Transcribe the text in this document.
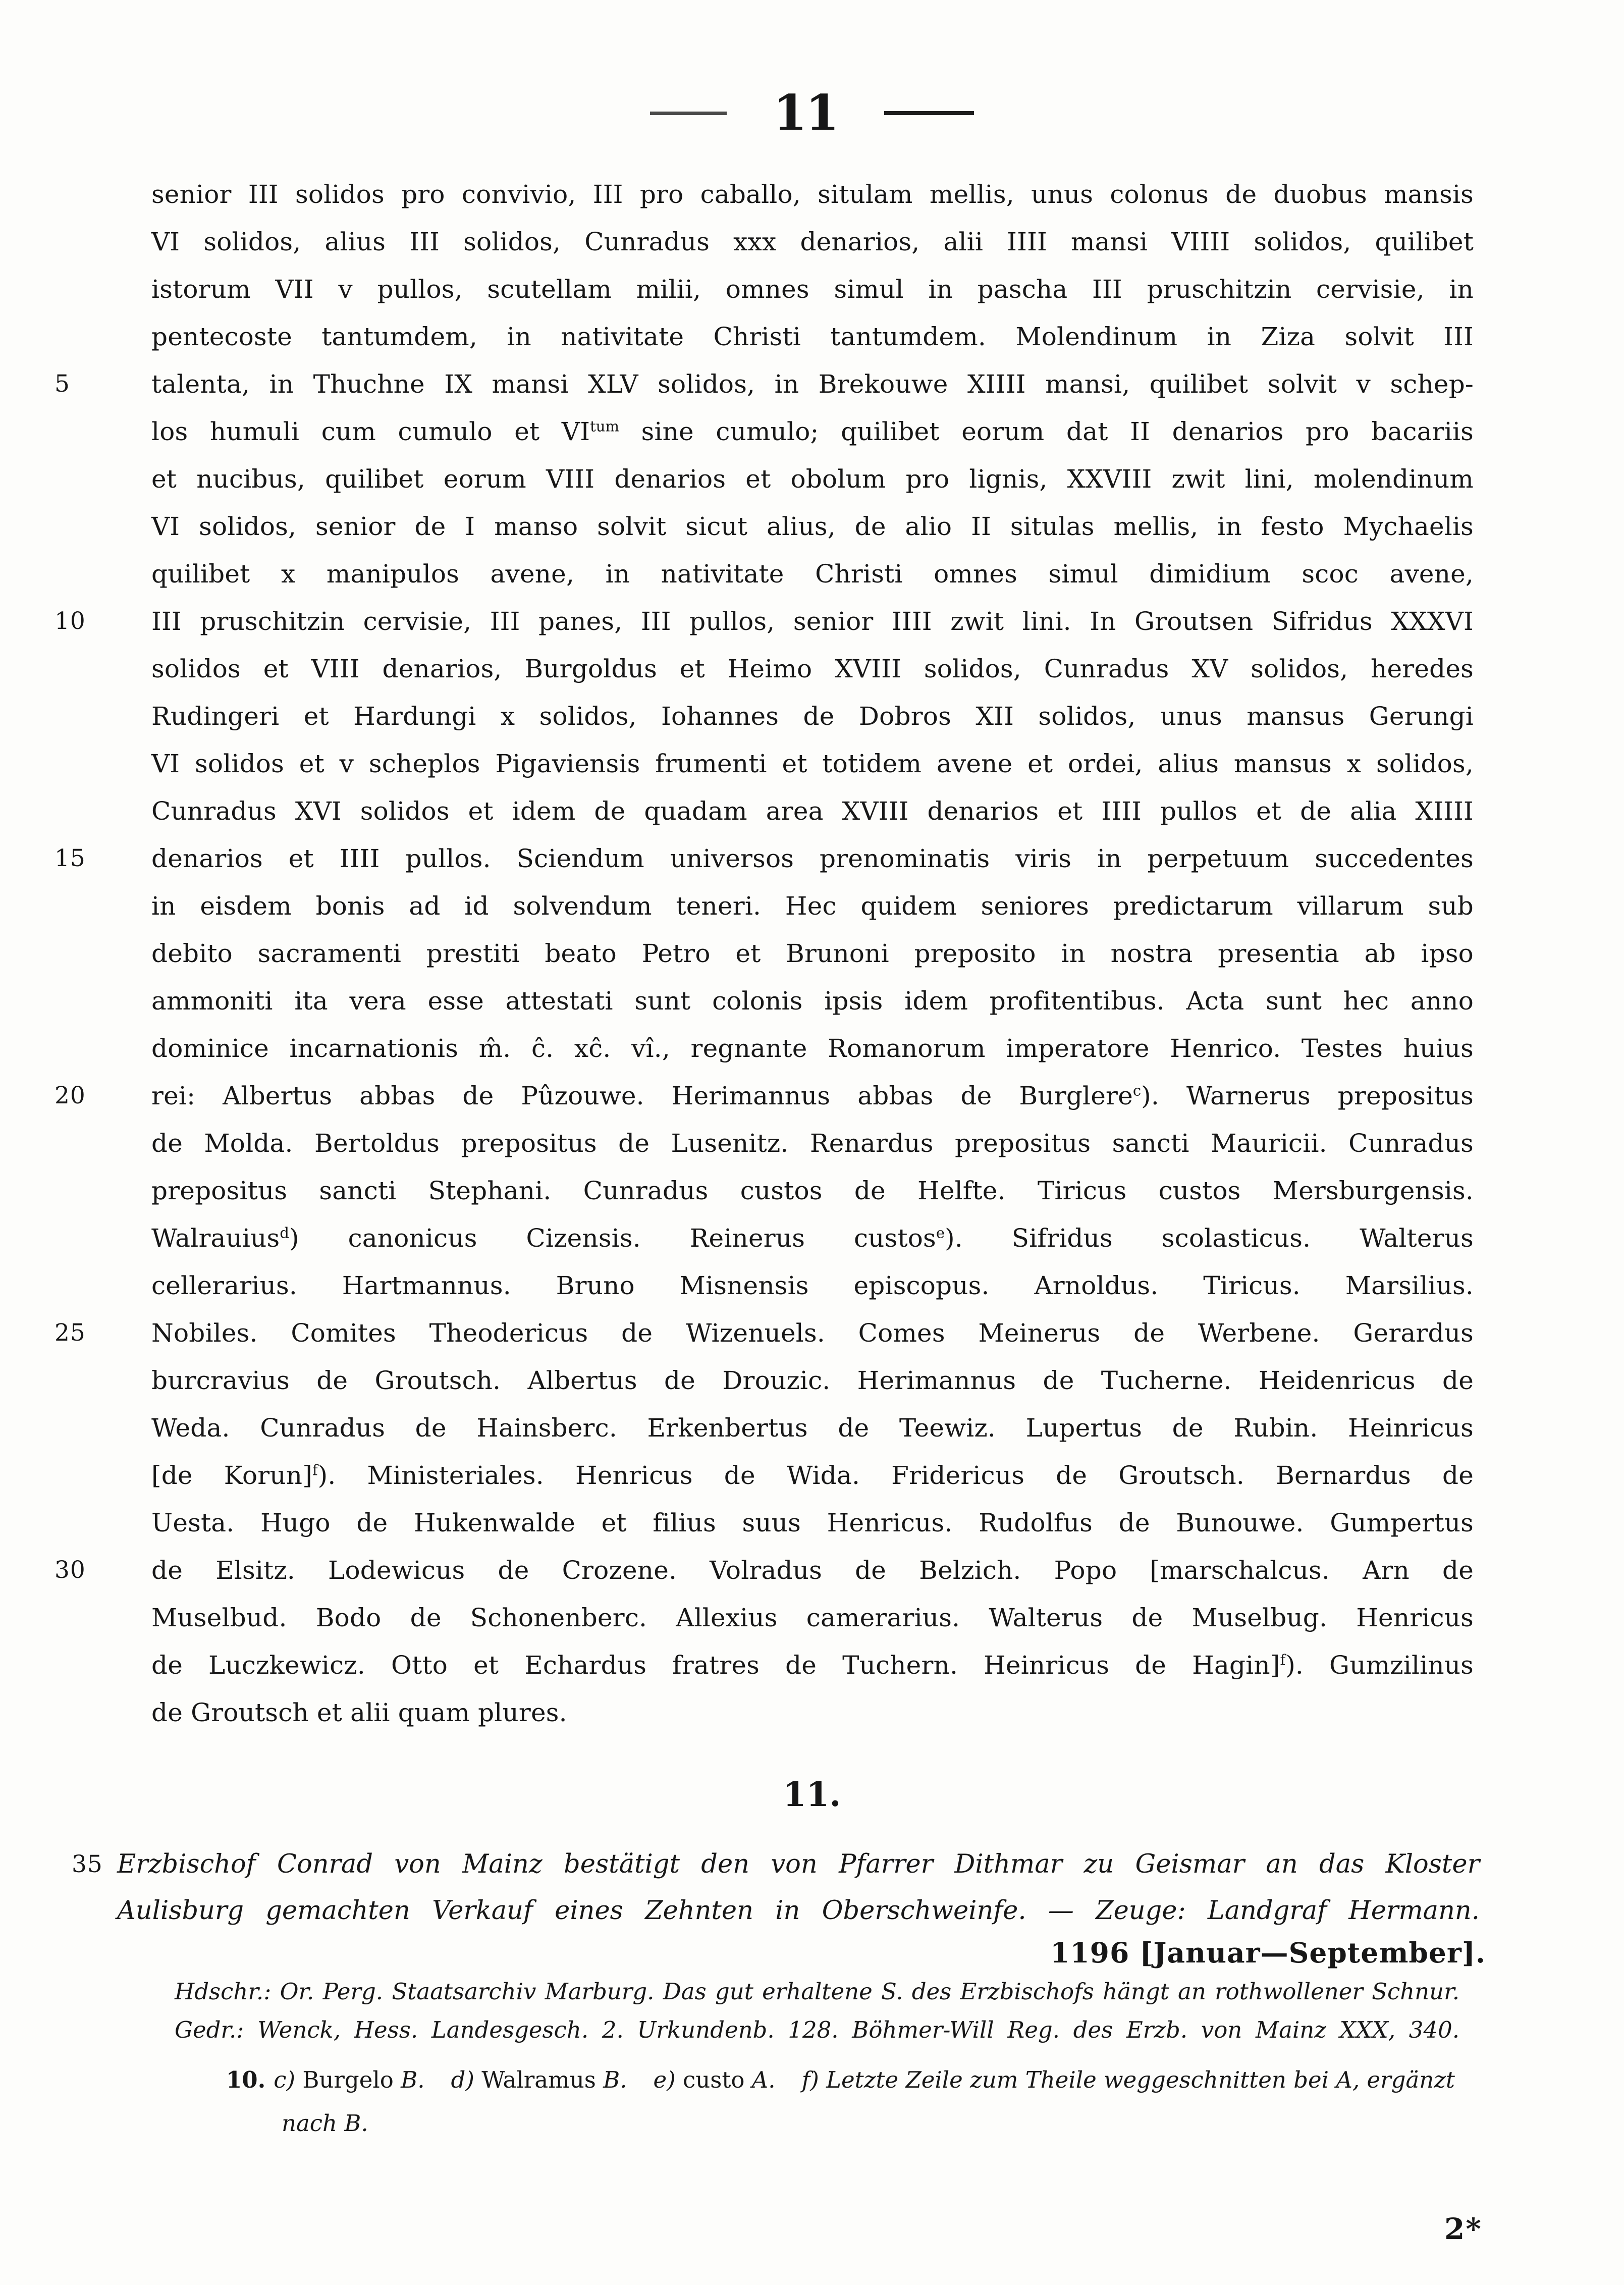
11
senior III solidos pro convivio, III pro caballo, situlam mellis, unus colonus de duobus mansis
VI solidos, alius III solidos, Cunradus xxx denarios, alii IIII mansi VIIII solidos, quilibet
istorum VII v pullos, scutellam milii, omnes simul in pascha III pruschitzin cervisie, in
pentecoste tantumdem, in nativitate Christi tantumdem. Molendinum in Ziza solvit III
5	talenta, in Thuchne IX mansi XLV solidos, in Brekouwe XIIII mansi, quilibet solvit v schep-
los humuli cum cumulo et $VI^{tum}$ sine cumulo; quilibet eorum dat II denarios pro bacariis
et nucibus, quilibet eorum VIII denarios et obolum pro lignis, XXVIII zwit lini, molendinum
VI solidos, senior de I manso solvit sicut alius, de alio II situlas mellis, in festo Mychaelis
quilibet x manipulos avene, in nativitate Christi omnes simul dimidium scoc avene,
10	III pruschitzin cervisie, III panes, III pullos, senior IIII zwit lini. In Groutsen Sifridus XXXVI
solidos et VIII denarios, Burgoldus et Heimo XVIII solidos, Cunradus XV solidos, heredes
Rudingeri et Hardungi x solidos, Iohannes de Dobros XII solidos, unus mansus Gerungi
VI solidos et v scheplos Pigaviensis frumenti et totidem avene et ordei, alius mansus x solidos,
Cunradus XVI solidos et idem de quadam area XVIII denarios et IIII pullos et de alia XIIII
15	denarios et IIII pullos. Sciendum universos prenominatis viris in perpetuum succedentes
in eisdem bonis ad id solvendum teneri. Hec quidem seniores predictarum villarum sub
debito sacramenti prestiti beato Petro et Brunoni preposito in nostra presentia ab ipso
ammoniti ita vera esse attestati sunt colonis ipsis idem profitentibus. Acta sunt hec anno
dominice incarnationis m̂. ĉ. xĉ. vî., regnante Romanorum imperatore Henrico. Testes huius
20	rei: Albertus abbas de Pûzouwe. Herimannus abbas de Burglere$^c$). Warnerus prepositus
de Molda. Bertoldus prepositus de Lusenitz. Renardus prepositus sancti Mauricii. Cunradus
prepositus sancti Stephani. Cunradus custos de Helfte. Tiricus custos Mersburgensis.
Walrauius$^d$) canonicus Cizensis. Reinerus custos$^e$). Sifridus scolasticus. Walterus
cellerarius. Hartmannus. Bruno Misnensis episcopus. Arnoldus. Tiricus. Marsilius.
25	Nobiles. Comites Theodericus de Wizenuels. Comes Meinerus de Werbene. Gerardus
burcravius de Groutsch. Albertus de Drouzic. Herimannus de Tucherne. Heidenricus de
Weda. Cunradus de Hainsberc. Erkenbertus de Teewiz. Lupertus de Rubin. Heinricus
[de Korun]$^f$). Ministeriales. Henricus de Wida. Fridericus de Groutsch. Bernardus de
Uesta. Hugo de Hukenwalde et filius suus Henricus. Rudolfus de Bunouwe. Gumpertus
30	de Elsitz. Lodewicus de Crozene. Volradus de Belzich. Popo [marschalcus. Arn de
Muselbud. Bodo de Schonenberc. Allexius camerarius. Walterus de Muselbug. Henricus
de Luczkewicz. Otto et Echardus fratres de Tuchern. Heinricus de Hagin]$^f$). Gumzilinus
de Groutsch et alii quam plures.
11.
35 Erzbischof Conrad von Mainz bestätigt den von Pfarrer Dithmar zu Geismar an das Kloster
Aulisburg gemachten Verkauf eines Zehnten in Oberschweinfe. — Zeuge: Landgraf Hermann.
1196 [Januar—September].
Hdschr.: Or. Perg. Staatsarchiv Marburg. Das gut erhaltene S. des Erzbischofs hängt an rothwollener Schnur.
Gedr.: Wenck, Hess. Landesgesch. 2. Urkundenb. 128. Böhmer-Will Reg. des Erzb. von Mainz XXX, 340.
10. c) Burgelo B. d) Walramus B. e) custo A. f) Letzte Zeile zum Theile weggeschnitten bei A, ergänzt
nach B.
2*
